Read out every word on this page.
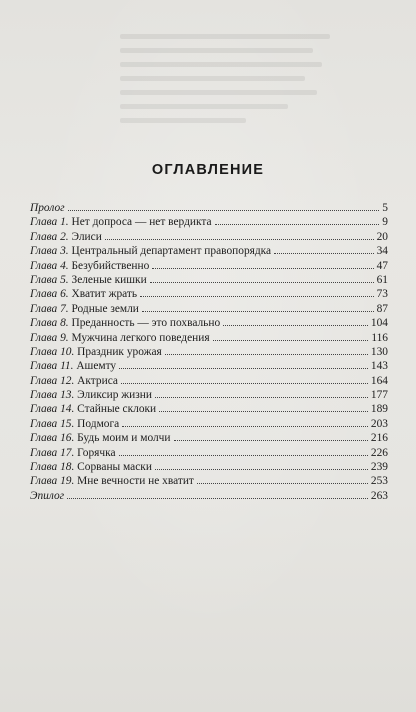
ОГЛАВЛЕНИЕ
Пролог	5
Глава 1. Нет допроса — нет вердикта	9
Глава 2. Элиси	20
Глава 3. Центральный департамент правопорядка	34
Глава 4. Безубийственно	47
Глава 5. Зеленые кишки	61
Глава 6. Хватит жрать	73
Глава 7. Родные земли	87
Глава 8. Преданность — это похвально	104
Глава 9. Мужчина легкого поведения	116
Глава 10. Праздник урожая	130
Глава 11. Ашемту	143
Глава 12. Актриса	164
Глава 13. Эликсир жизни	177
Глава 14. Стайные склоки	189
Глава 15. Подмога	203
Глава 16. Будь моим и молчи	216
Глава 17. Горячка	226
Глава 18. Сорваны маски	239
Глава 19. Мне вечности не хватит	253
Эпилог	263
